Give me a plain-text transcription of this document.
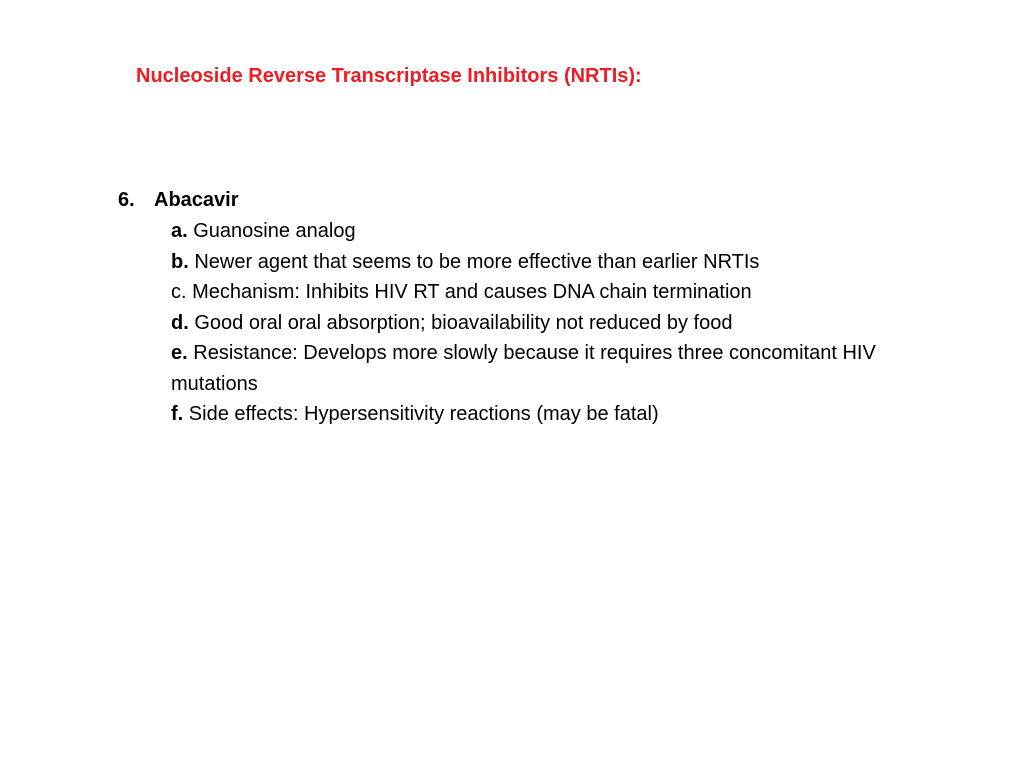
Nucleoside Reverse Transcriptase Inhibitors (NRTIs):
6. Abacavir
a. Guanosine analog
b. Newer agent that seems to be more effective than earlier NRTIs
c. Mechanism: Inhibits HIV RT and causes DNA chain termination
d. Good oral oral absorption; bioavailability not reduced by food
e. Resistance: Develops more slowly because it requires three concomitant HIV mutations
f. Side effects: Hypersensitivity reactions (may be fatal)
